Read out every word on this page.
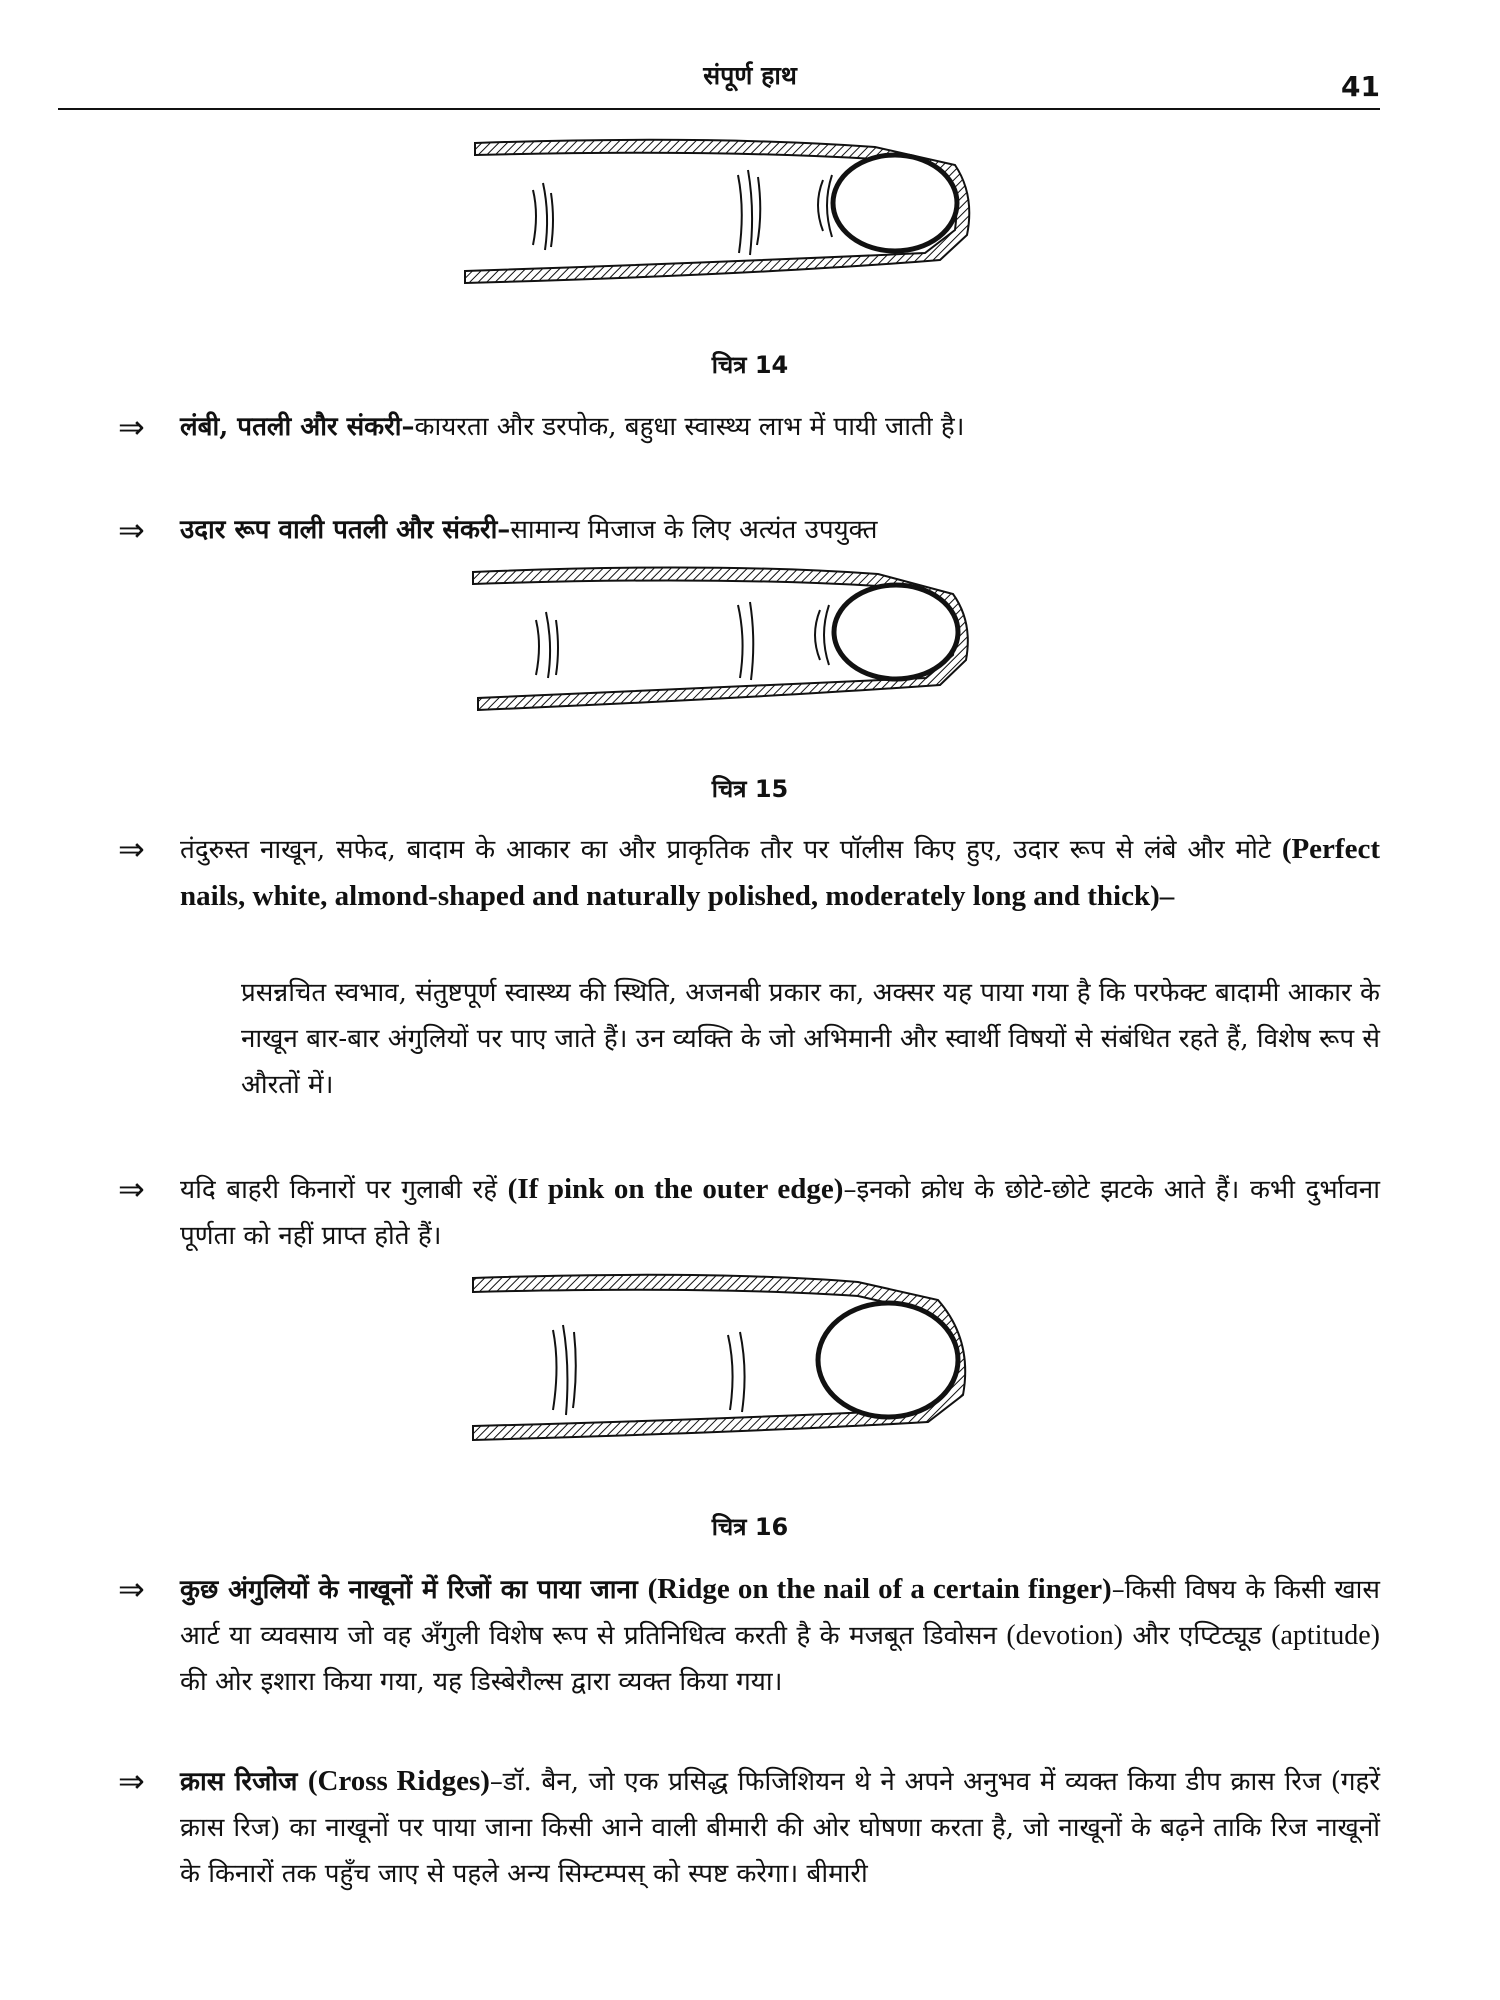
संपूर्ण हाथ	41
चित्र 14
⇒ लंबी, पतली और संकरी–कायरता और डरपोक, बहुधा स्वास्थ्य लाभ में पायी जाती है।
⇒ उदार रूप वाली पतली और संकरी–सामान्य मिजाज के लिए अत्यंत उपयुक्त
चित्र 15
⇒ तंदुरुस्त नाखून, सफेद, बादाम के आकार का और प्राकृतिक तौर पर पॉलीस किए हुए, उदार रूप से लंबे और मोटे (Perfect nails, white, almond-shaped and naturally polished, moderately long and thick)–
प्रसन्नचित स्वभाव, संतुष्टपूर्ण स्वास्थ्य की स्थिति, अजनबी प्रकार का, अक्सर यह पाया गया है कि परफेक्ट बादामी आकार के नाखून बार-बार अंगुलियों पर पाए जाते हैं। उन व्यक्ति के जो अभिमानी और स्वार्थी विषयों से संबंधित रहते हैं, विशेष रूप से औरतों में।
⇒ यदि बाहरी किनारों पर गुलाबी रहें (If pink on the outer edge)–इनको क्रोध के छोटे-छोटे झटके आते हैं। कभी दुर्भावना पूर्णता को नहीं प्राप्त होते हैं।
चित्र 16
⇒ कुछ अंगुलियों के नाखूनों में रिजों का पाया जाना (Ridge on the nail of a certain finger)–किसी विषय के किसी खास आर्ट या व्यवसाय जो वह अँगुली विशेष रूप से प्रतिनिधित्व करती है के मजबूत डिवोसन (devotion) और एप्टिट्यूड (aptitude) की ओर इशारा किया गया, यह डिस्बेरौल्स द्वारा व्यक्त किया गया।
⇒ क्रास रिजोज (Cross Ridges)–डॉ. बैन, जो एक प्रसिद्ध फिजिशियन थे ने अपने अनुभव में व्यक्त किया डीप क्रास रिज (गहरें क्रास रिज) का नाखूनों पर पाया जाना किसी आने वाली बीमारी की ओर घोषणा करता है, जो नाखूनों के बढ़ने ताकि रिज नाखूनों के किनारों तक पहुँच जाए से पहले अन्य सिम्टम्पस् को स्पष्ट करेगा। बीमारी
